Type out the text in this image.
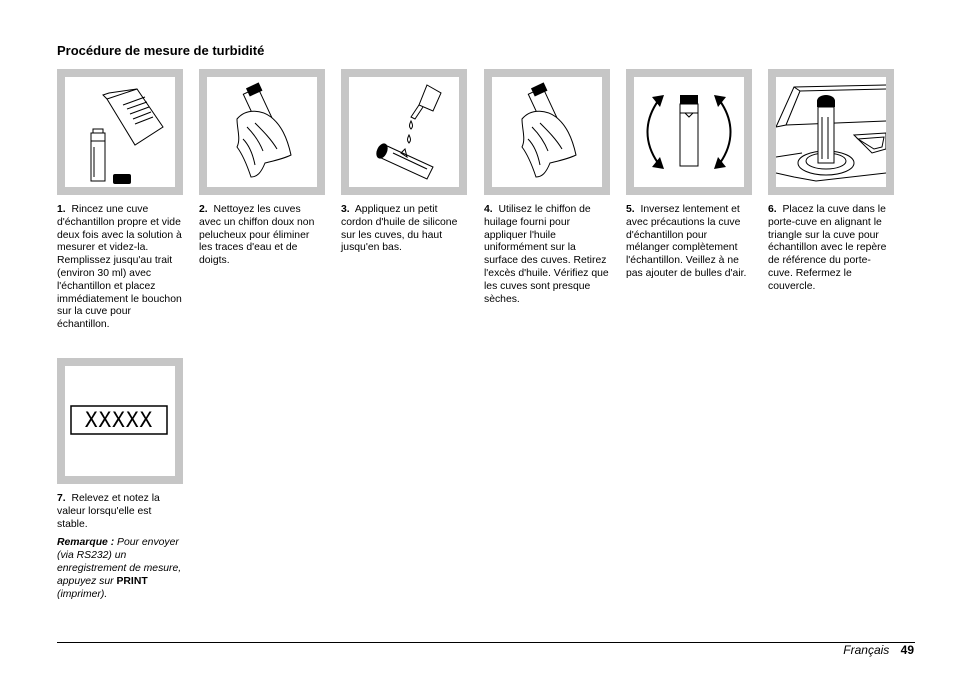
Procédure de mesure de turbidité
1. Rincez une cuve d'échantillon propre et vide deux fois avec la solution à mesurer et videz-la. Remplissez jusqu'au trait (environ 30 ml) avec l'échantillon et placez immédiatement le bouchon sur la cuve pour échantillon.
2. Nettoyez les cuves avec un chiffon doux non pelucheux pour éliminer les traces d'eau et de doigts.
3. Appliquez un petit cordon d'huile de silicone sur les cuves, du haut jusqu'en bas.
4. Utilisez le chiffon de huilage fourni pour appliquer l'huile uniformément sur la surface des cuves. Retirez l'excès d'huile. Vérifiez que les cuves sont presque sèches.
5. Inversez lentement et avec précautions la cuve d'échantillon pour mélanger complètement l'échantillon. Veillez à ne pas ajouter de bulles d'air.
6. Placez la cuve dans le porte-cuve en alignant le triangle sur la cuve pour échantillon avec le repère de référence du porte-cuve. Refermez le couvercle.
XXXXX
7. Relevez et notez la valeur lorsqu'elle est stable.
Remarque : Pour envoyer (via RS232) un enregistrement de mesure, appuyez sur PRINT (imprimer).
Français 49
